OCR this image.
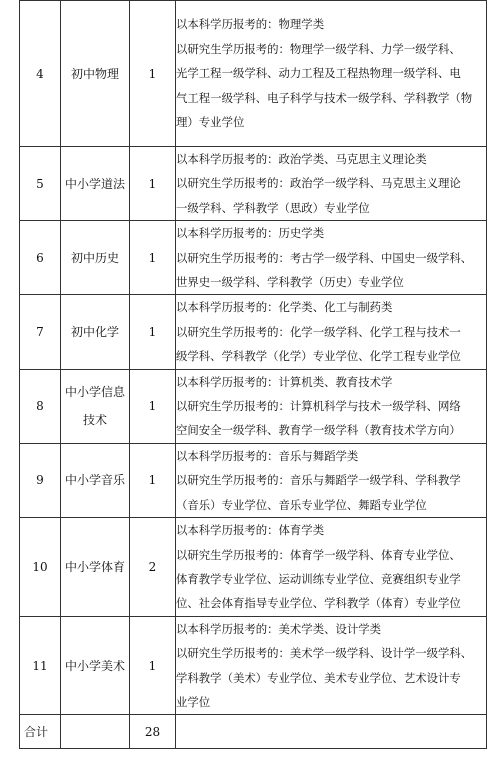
4	初中物理	1	以本科学历报考的：物理学类
以研究生学历报考的：物理学一级学科、力学一级学科、
光学工程一级学科、动力工程及工程热物理一级学科、电
气工程一级学科、电子科学与技术一级学科、学科教学（物
理）专业学位

5	中小学道法	1	以本科学历报考的：政治学类、马克思主义理论类
以研究生学历报考的：政治学一级学科、马克思主义理论
一级学科、学科教学（思政）专业学位

6	初中历史	1	以本科学历报考的：历史学类
以研究生学历报考的：考古学一级学科、中国史一级学科、
世界史一级学科、学科教学（历史）专业学位

7	初中化学	1	以本科学历报考的：化学类、化工与制药类
以研究生学历报考的：化学一级学科、化学工程与技术一
级学科、学科教学（化学）专业学位、化学工程专业学位

8	中小学信息技术	1	以本科学历报考的：计算机类、教育技术学
以研究生学历报考的：计算机科学与技术一级学科、网络
空间安全一级学科、教育学一级学科（教育技术学方向）

9	中小学音乐	1	以本科学历报考的：音乐与舞蹈学类
以研究生学历报考的：音乐与舞蹈学一级学科、学科教学
（音乐）专业学位、音乐专业学位、舞蹈专业学位

10	中小学体育	2	以本科学历报考的：体育学类
以研究生学历报考的：体育学一级学科、体育专业学位、
体育教学专业学位、运动训练专业学位、竞赛组织专业学
位、社会体育指导专业学位、学科教学（体育）专业学位

11	中小学美术	1	以本科学历报考的：美术学类、设计学类
以研究生学历报考的：美术学一级学科、设计学一级学科、
学科教学（美术）专业学位、美术专业学位、艺术设计专
业学位

合计		28	
